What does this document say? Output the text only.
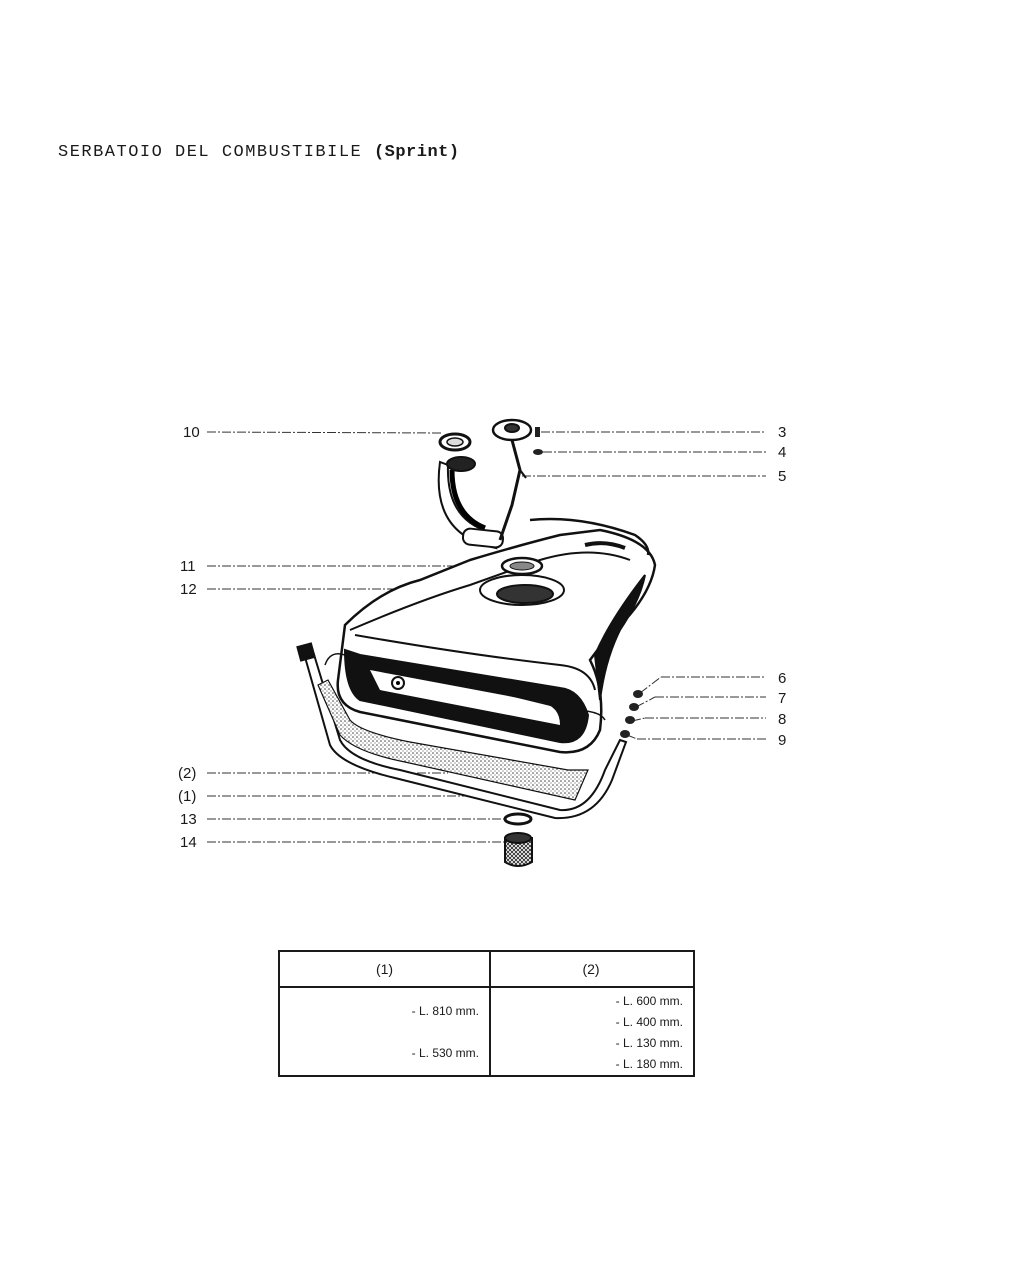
SERBATOIO DEL COMBUSTIBILE (Sprint)
10
11
12
(2)
(1)
13
14
3
4
5
6
7
8
9
(1)
- L. 810 mm.
- L. 530 mm.
(2)
- L. 600 mm.
- L. 400 mm.
- L. 130 mm.
- L. 180 mm.
